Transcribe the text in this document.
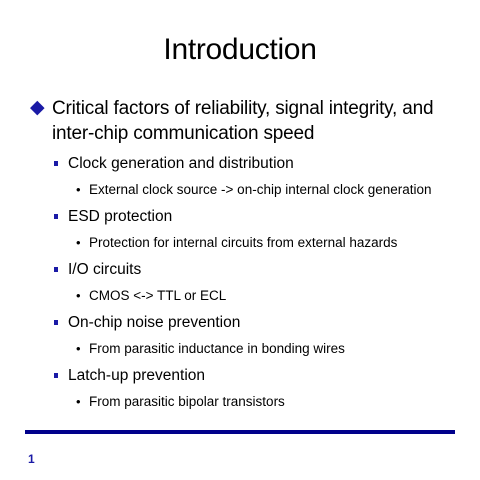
Introduction
◆ Critical factors of reliability, signal integrity, and inter-chip communication speed
Clock generation and distribution
• External clock source -> on-chip internal clock generation
ESD protection
• Protection for internal circuits from external hazards
I/O circuits
• CMOS <-> TTL or ECL
On-chip noise prevention
• From parasitic inductance in bonding wires
Latch-up prevention
• From parasitic bipolar transistors
1
